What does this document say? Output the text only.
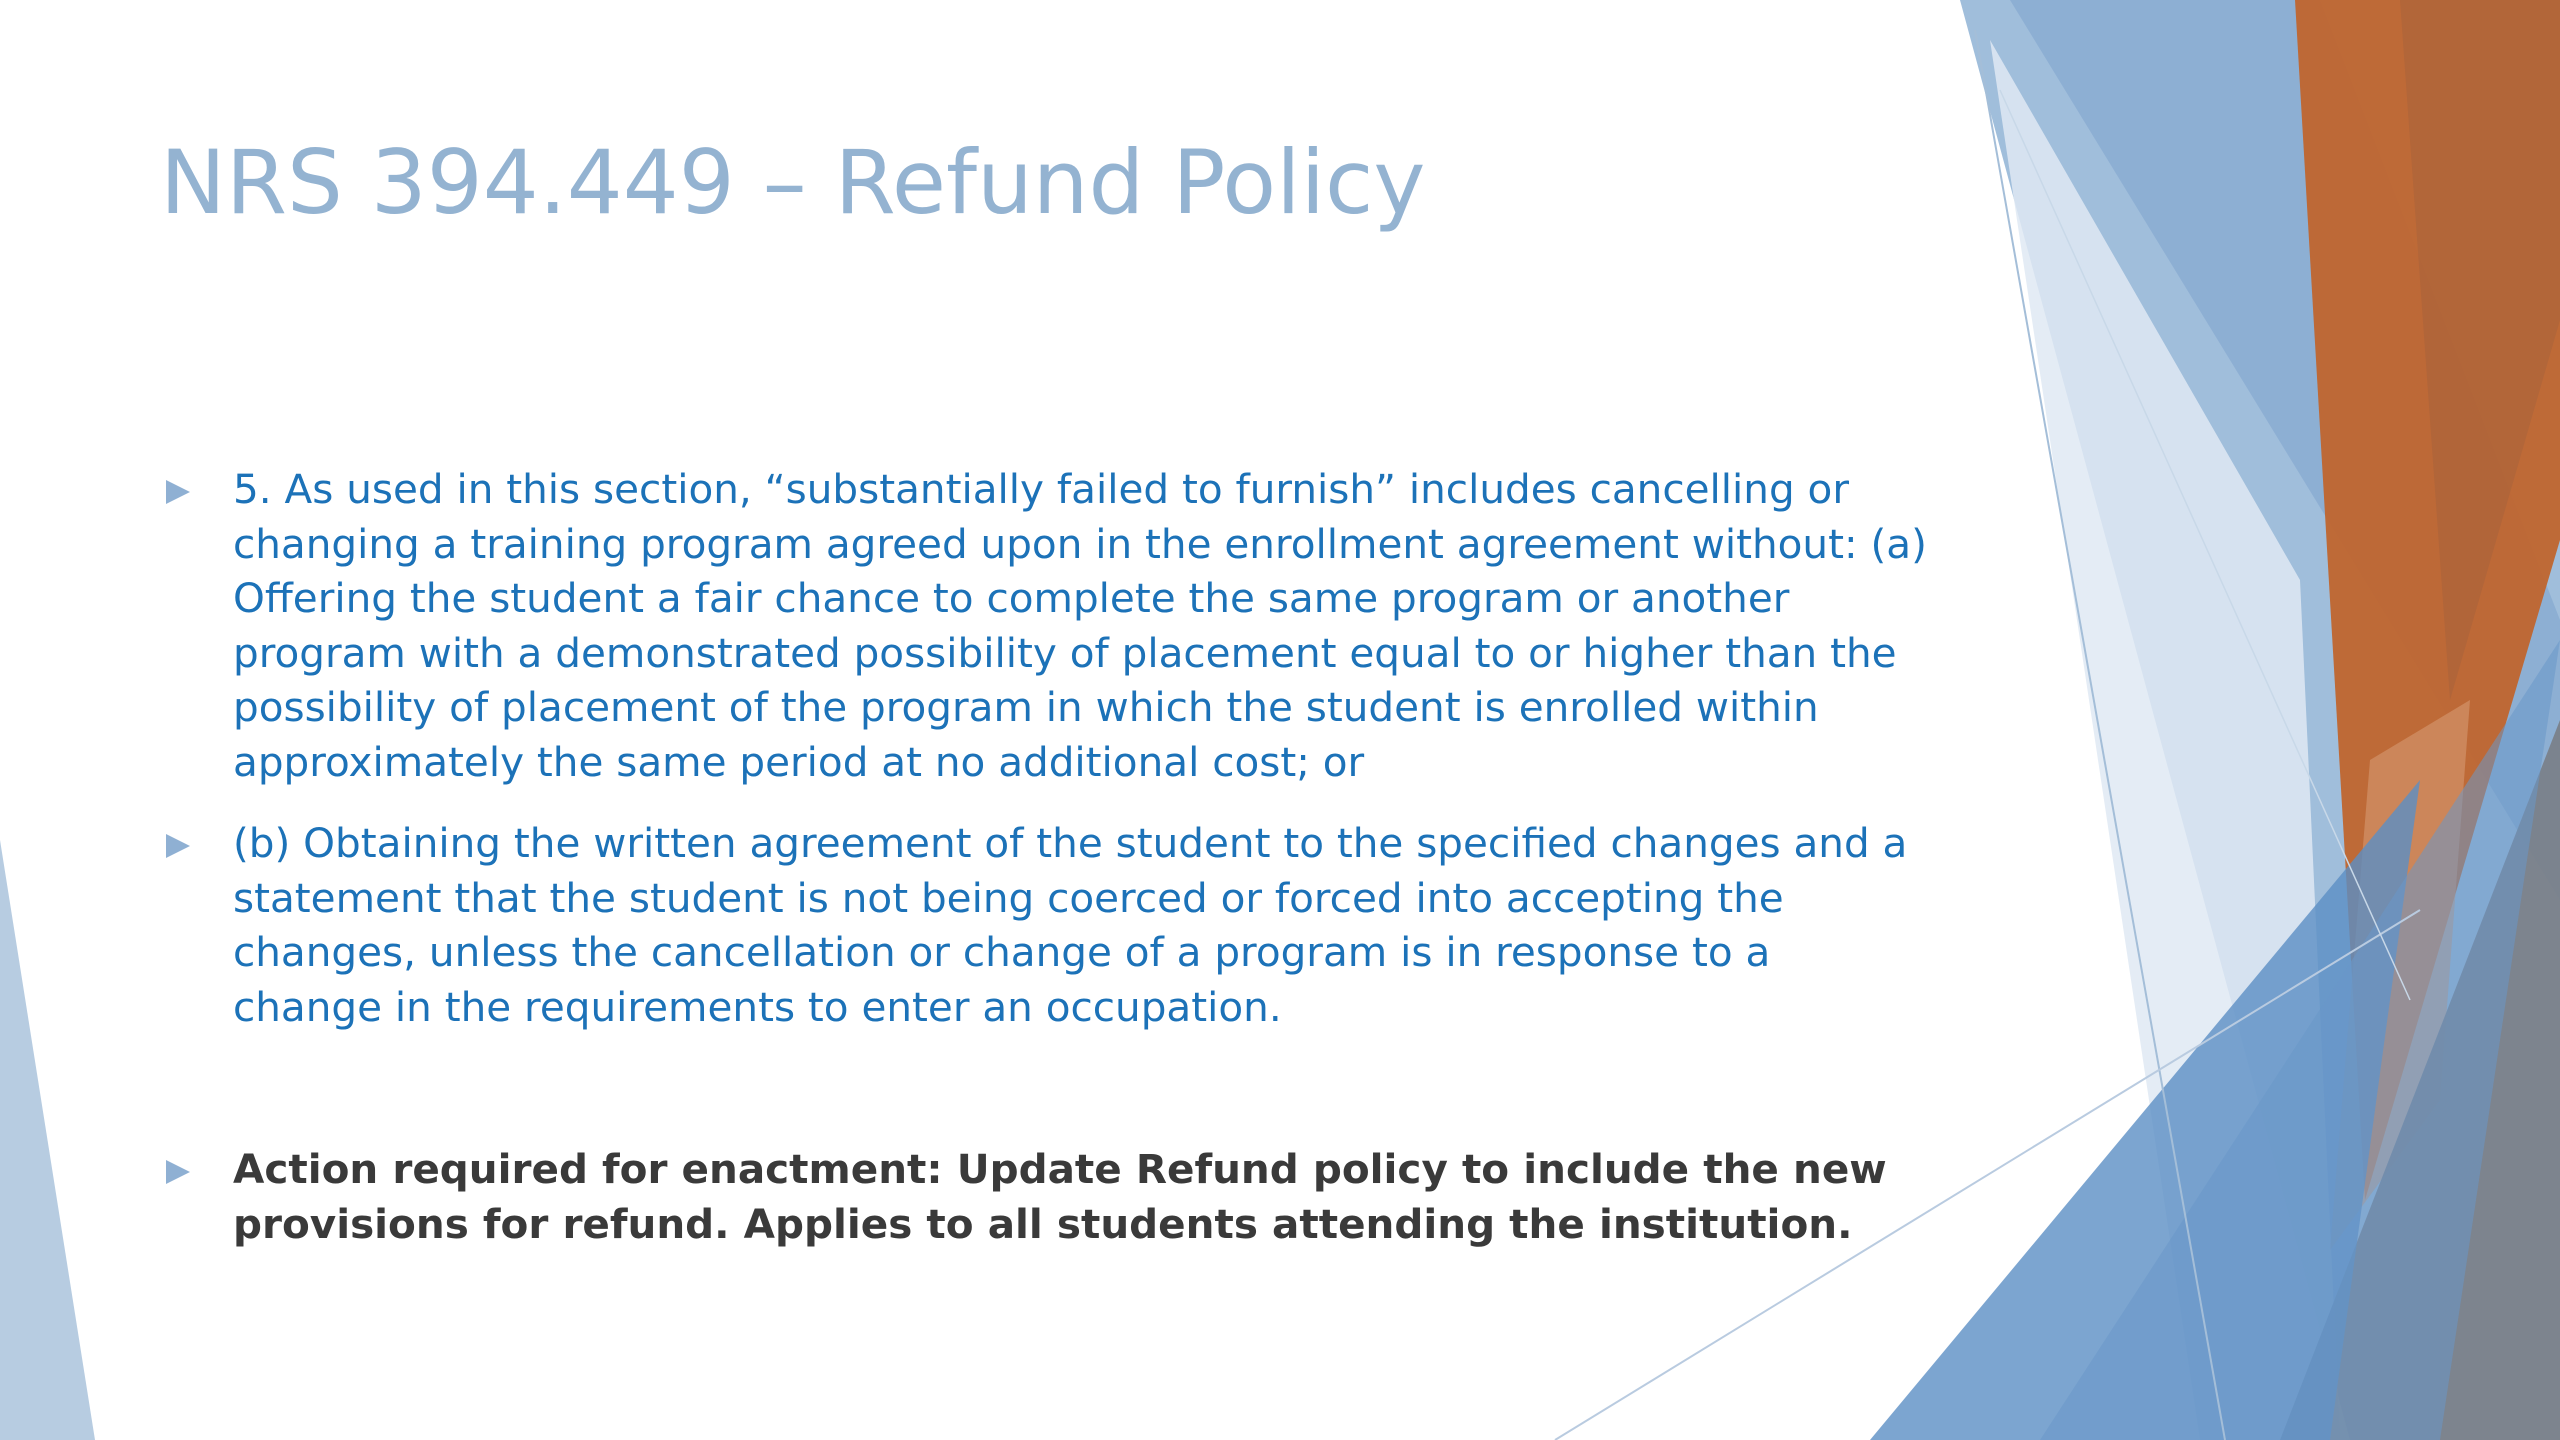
NRS 394.449 – Refund Policy
5. As used in this section, “substantially failed to furnish” includes cancelling or changing a training program agreed upon in the enrollment agreement without: (a) Offering the student a fair chance to complete the same program or another program with a demonstrated possibility of placement equal to or higher than the possibility of placement of the program in which the student is enrolled within approximately the same period at no additional cost; or
(b) Obtaining the written agreement of the student to the specified changes and a statement that the student is not being coerced or forced into accepting the changes, unless the cancellation or change of a program is in response to a change in the requirements to enter an occupation.
Action required for enactment: Update Refund policy to include the new provisions for refund. Applies to all students attending the institution.
